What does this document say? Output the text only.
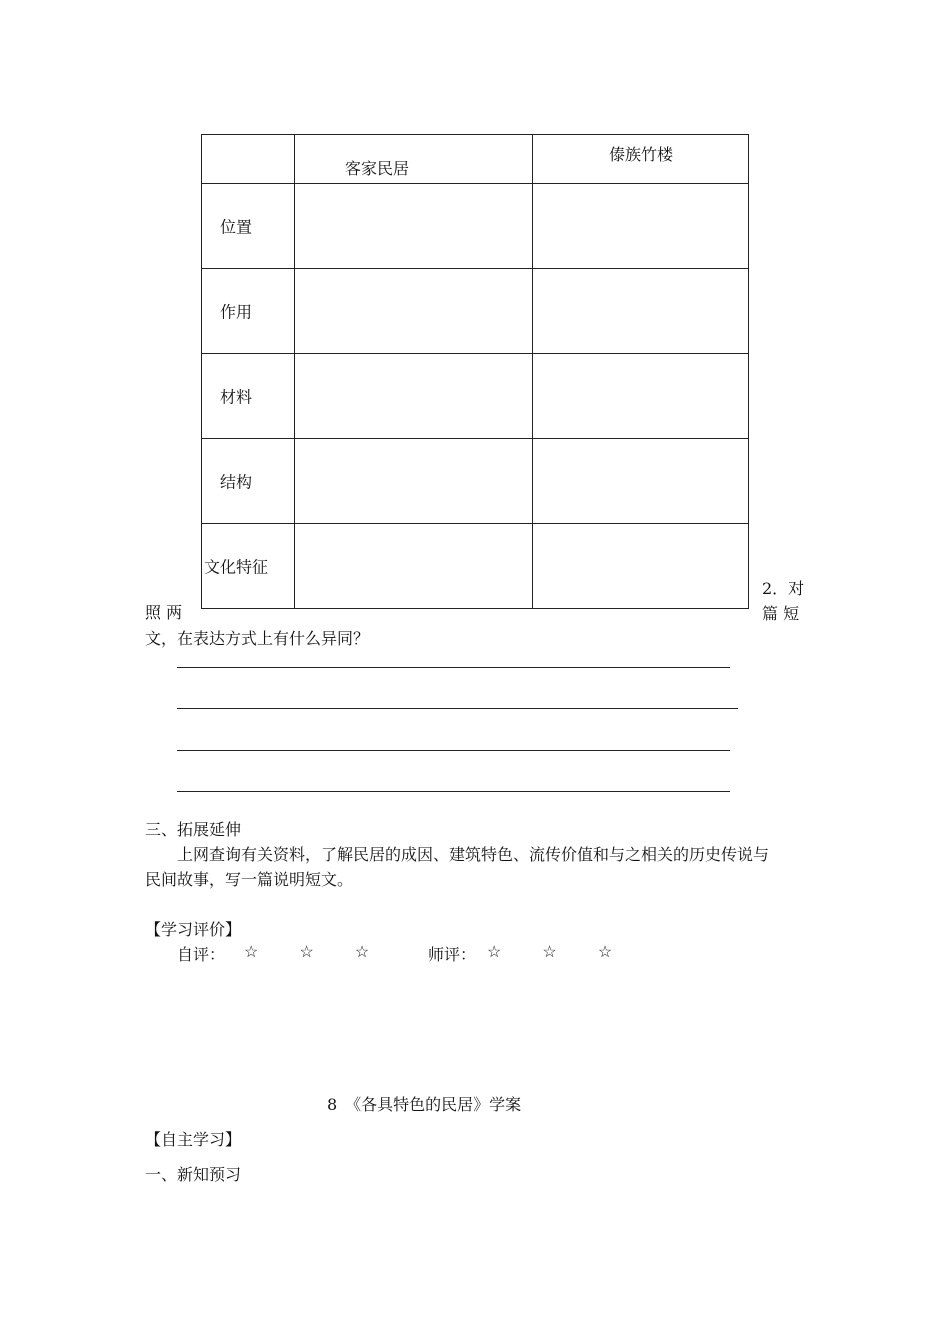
	客家民居	傣族竹楼

位置		

作用		

材料		

结构		

文化特征		

照 两
2．对
篇 短
文，在表达方式上有什么异同？
三、拓展延伸
上网查询有关资料，了解民居的成因、建筑特色、流传价值和与之相关的历史传说与
民间故事，写一篇说明短文。
【学习评价】
自评： ☆ ☆ ☆	师评： ☆ ☆ ☆
8　《各具特色的民居》学案
【自主学习】
一、新知预习
